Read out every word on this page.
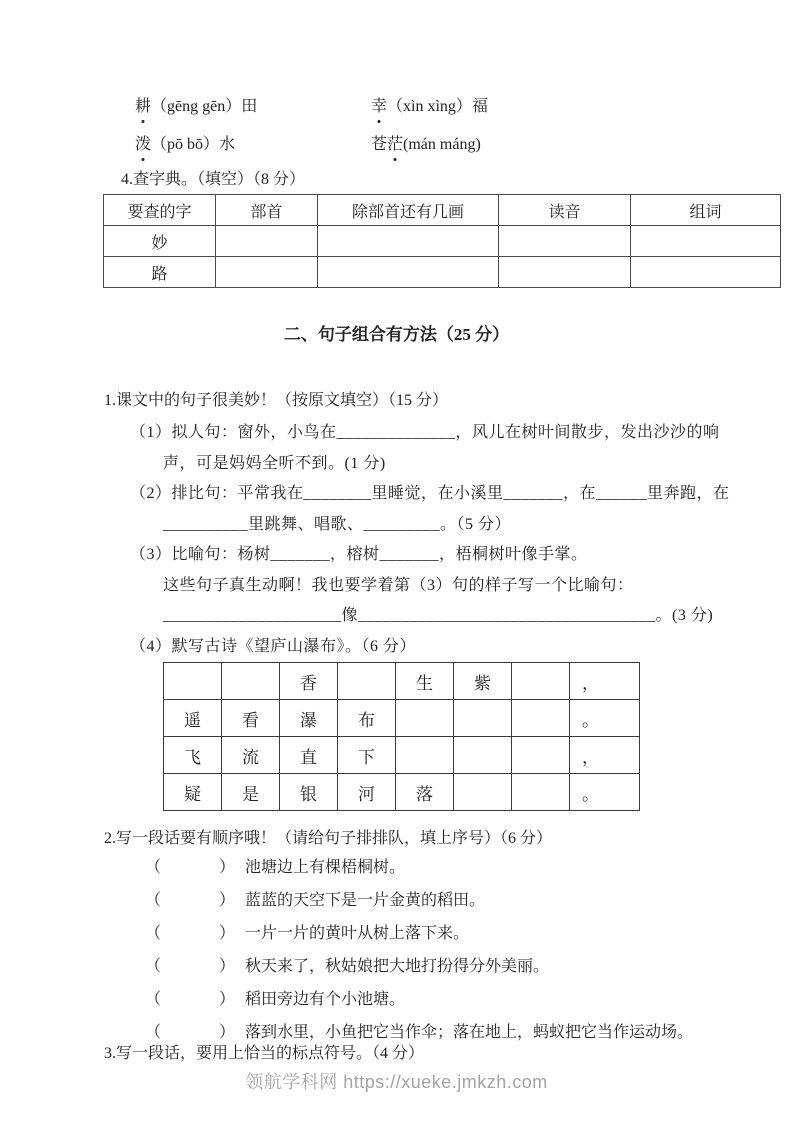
耕（gēng gēn）田	幸（xìn xìng）福
泼（pō bō）水	苍茫(mán máng)
4.查字典。（填空）（8 分）
要查的字	部首	除部首还有几画	读音	组词
妙				
路				
二、句子组合有方法（25 分）
1.课文中的句子很美妙！（按原文填空）（15 分）
（1）拟人句：窗外，小鸟在______________，风儿在树叶间散步，发出沙沙的响
声，可是妈妈全听不到。(1 分)
（2）排比句：平常我在________里睡觉，在小溪里_______，在______里奔跑，在
__________里跳舞、唱歌、_________。（5 分）
（3）比喻句：杨树_______，榕树_______，梧桐树叶像手掌。
这些句子真生动啊！我也要学着第（3）句的样子写一个比喻句：
_____________________像___________________________________。(3 分)
（4）默写古诗《望庐山瀑布》。（6 分）
		香		生	紫		，
遥	看	瀑	布				。
飞	流	直	下				，
疑	是	银	河	落			。
2.写一段话要有顺序哦！（请给句子排排队，填上序号）（6 分）
（	） 池塘边上有棵梧桐树。
（	） 蓝蓝的天空下是一片金黄的稻田。
（	） 一片一片的黄叶从树上落下来。
（	） 秋天来了，秋姑娘把大地打扮得分外美丽。
（	） 稻田旁边有个小池塘。
（	） 落到水里，小鱼把它当作伞；落在地上，蚂蚁把它当作运动场。
3.写一段话，要用上恰当的标点符号。（4 分）
领航学科网 https://xueke.jmkzh.com
